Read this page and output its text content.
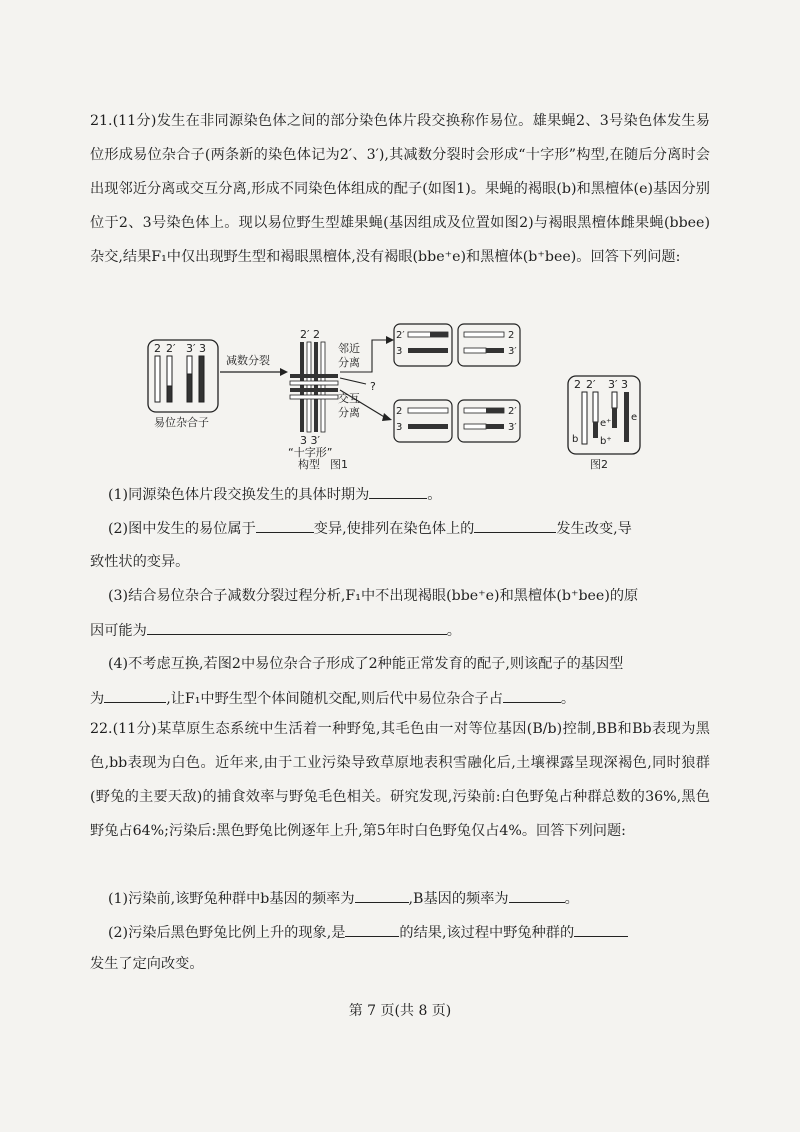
21.(11分)发生在非同源染色体之间的部分染色体片段交换称作易位。雄果蝇2、3号染色体发生易位形成易位杂合子(两条新的染色体记为2′、3′),其减数分裂时会形成“十字形”构型,在随后分离时会出现邻近分离或交互分离,形成不同染色体组成的配子(如图1)。果蝇的褐眼(b)和黑檀体(e)基因分别位于2、3号染色体上。现以易位野生型雄果蝇(基因组成及位置如图2)与褐眼黑檀体雌果蝇(bbee)杂交,结果F₁中仅出现野生型和褐眼黑檀体,没有褐眼(bbe⁺e)和黑檀体(b⁺bee)。回答下列问题:

2 2′ 3′ 3
易位杂合子
减数分裂
2′ 2
3 3′
“十字形”
构型
邻近
分离
?
交互
分离
2′
3
2
3′
2
3
2′
3′
图1
2 2′ 3′ 3
b b⁺
e⁺
e
图2
(1)同源染色体片段交换发生的具体时期为	。
(2)图中发生的易位属于	变异,使排列在染色体上的	发生改变,导
致性状的变异。
(3)结合易位杂合子减数分裂过程分析,F₁中不出现褐眼(bbe⁺e)和黑檀体(b⁺bee)的原
因可能为	。
(4)不考虑互换,若图2中易位杂合子形成了2种能正常发育的配子,则该配子的基因型
为	,让F₁中野生型个体间随机交配,则后代中易位杂合子占	。

22.(11分)某草原生态系统中生活着一种野兔,其毛色由一对等位基因(B/b)控制,BB和Bb表现为黑色,bb表现为白色。近年来,由于工业污染导致草原地表积雪融化后,土壤裸露呈现深褐色,同时狼群(野兔的主要天敌)的捕食效率与野兔毛色相关。研究发现,污染前:白色野兔占种群总数的36%,黑色野兔占64%;污染后:黑色野兔比例逐年上升,第5年时白色野兔仅占4%。回答下列问题:

(1)污染前,该野兔种群中b基因的频率为	,B基因的频率为	。
(2)污染后黑色野兔比例上升的现象,是	的结果,该过程中野兔种群的
发生了定向改变。
第 7 页(共 8 页)
